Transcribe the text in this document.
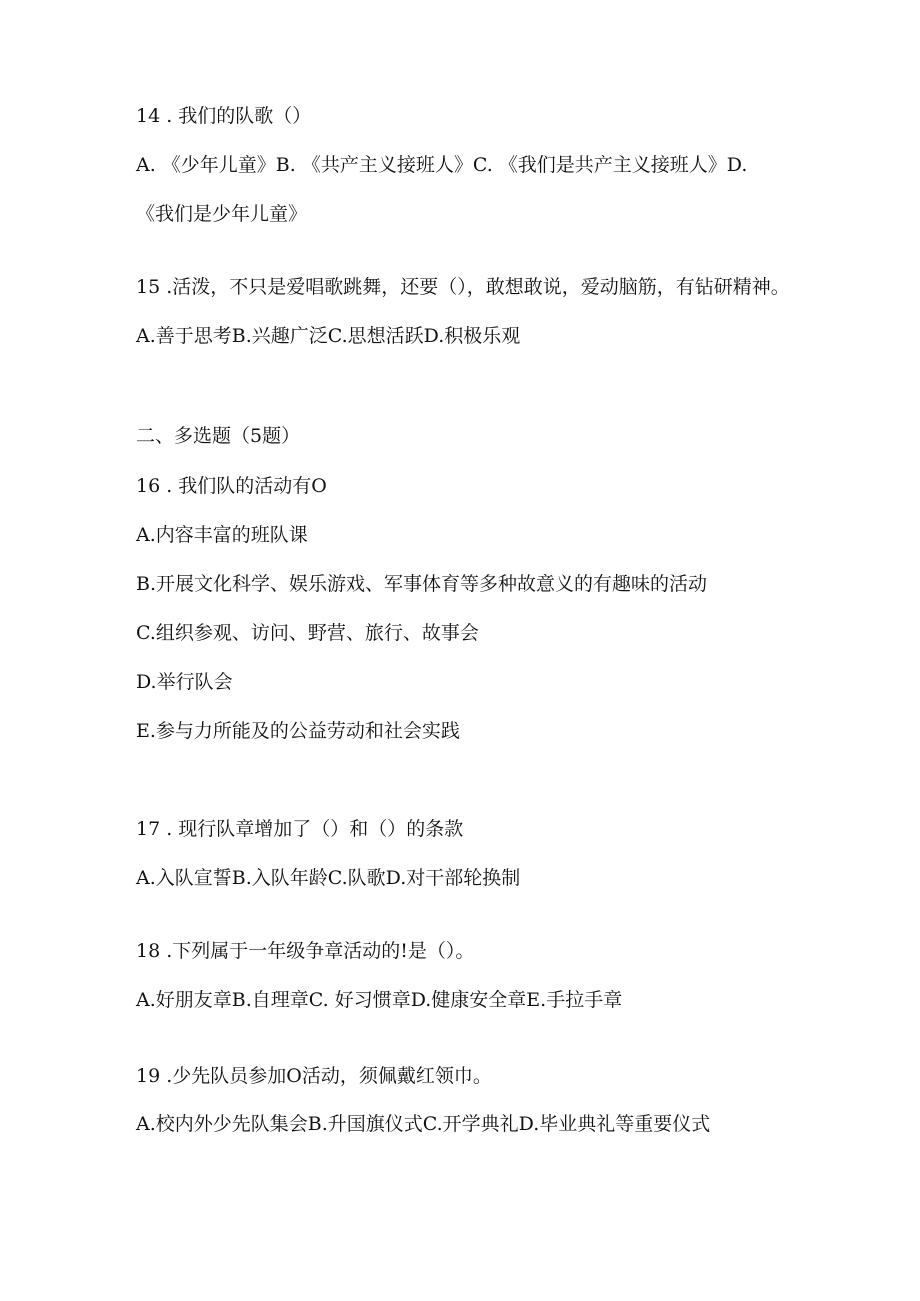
14 . 我们的队歌（）
A. 《少年儿童》B. 《共产主义接班人》C. 《我们是共产主义接班人》D.
《我们是少年儿童》
15 .活泼，不只是爱唱歌跳舞，还要（），敢想敢说，爱动脑筋，有钻研精神。
A.善于思考B.兴趣广泛C.思想活跃D.积极乐观
二、多选题（5题）
16 . 我们队的活动有O
A.内容丰富的班队课
B.开展文化科学、娱乐游戏、军事体育等多种故意义的有趣味的活动
C.组织参观、访问、野营、旅行、故事会
D.举行队会
E.参与力所能及的公益劳动和社会实践
17 . 现行队章增加了（）和（）的条款
A.入队宣誓B.入队年龄C.队歌D.对干部轮换制
18 .下列属于一年级争章活动的!是（）。
A.好朋友章B.自理章C. 好习惯章D.健康安全章E.手拉手章
19 .少先队员参加O活动，须佩戴红领巾。
A.校内外少先队集会B.升国旗仪式C.开学典礼D.毕业典礼等重要仪式
